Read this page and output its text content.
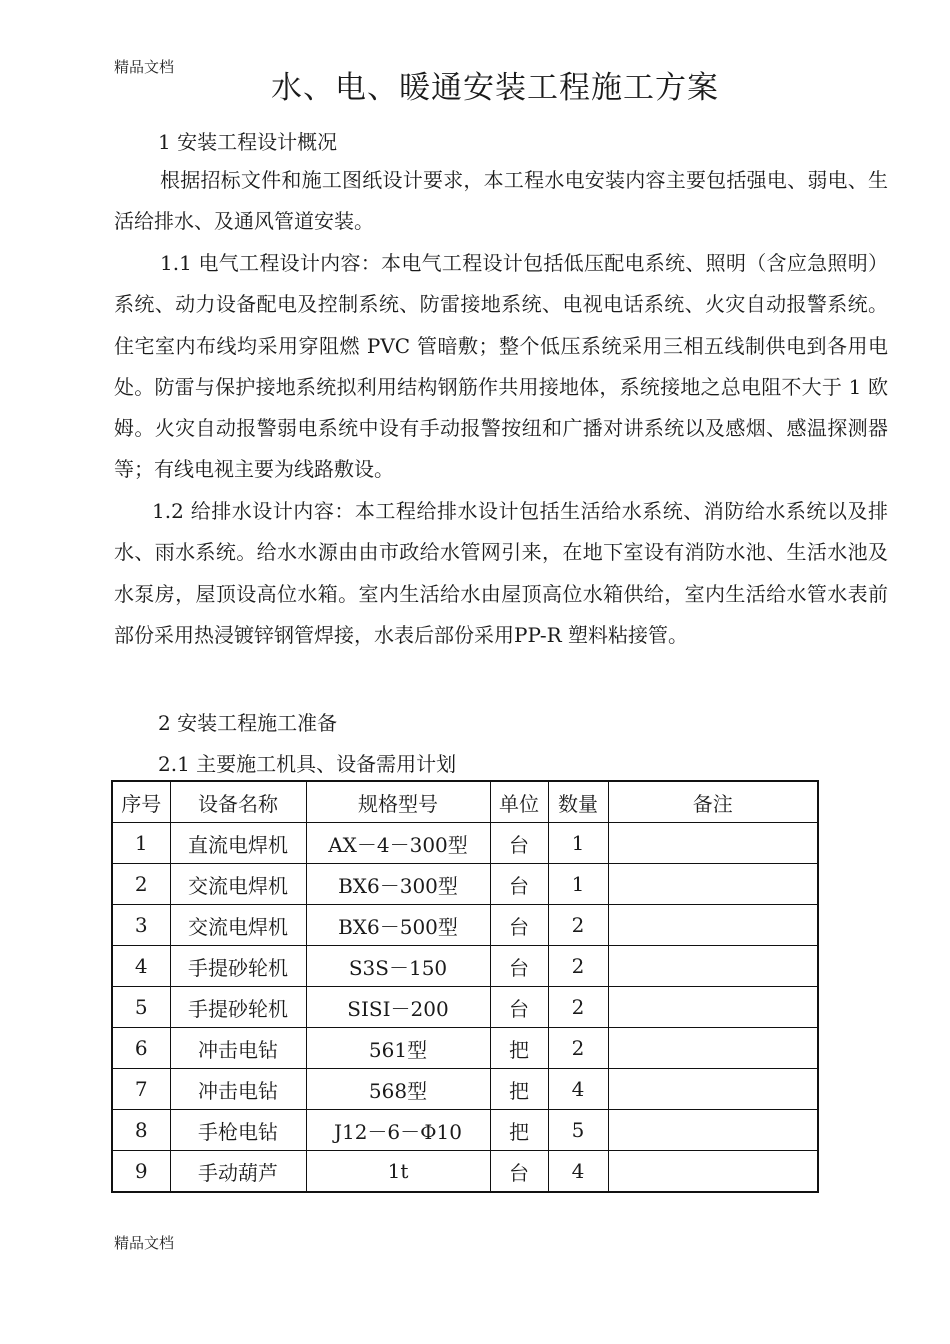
精品文档
水、电、暖通安装工程施工方案

1 安装工程设计概况

根据招标文件和施工图纸设计要求，本工程水电安装内容主要包括强电、弱电、生活给排水、及通风管道安装。

1.1 电气工程设计内容：本电气工程设计包括低压配电系统、照明（含应急照明）系统、动力设备配电及控制系统、防雷接地系统、电视电话系统、火灾自动报警系统。住宅室内布线均采用穿阻燃 PVC 管暗敷；整个低压系统采用三相五线制供电到各用电处。防雷与保护接地系统拟利用结构钢筋作共用接地体，系统接地之总电阻不大于 1 欧姆。火灾自动报警弱电系统中设有手动报警按纽和广播对讲系统以及感烟、感温探测器等；有线电视主要为线路敷设。

1.2 给排水设计内容：本工程给排水设计包括生活给水系统、消防给水系统以及排水、雨水系统。给水水源由由市政给水管网引来，在地下室设有消防水池、生活水池及水泵房，屋顶设高位水箱。室内生活给水由屋顶高位水箱供给，室内生活给水管水表前部份采用热浸镀锌钢管焊接，水表后部份采用PP-R 塑料粘接管。

2 安装工程施工准备

2.1 主要施工机具、设备需用计划

序号	设备名称	规格型号	单位	数量	备注
1	直流电焊机	AX－4－300型	台	1	
2	交流电焊机	BX6－300型	台	1	
3	交流电焊机	BX6－500型	台	2	
4	手提砂轮机	S3S－150	台	2	
5	手提砂轮机	SISI－200	台	2	
6	冲击电钻	561型	把	2	
7	冲击电钻	568型	把	4	
8	手枪电钻	J12－6－Φ10	把	5	
9	手动葫芦	1t	台	4	
精品文档
